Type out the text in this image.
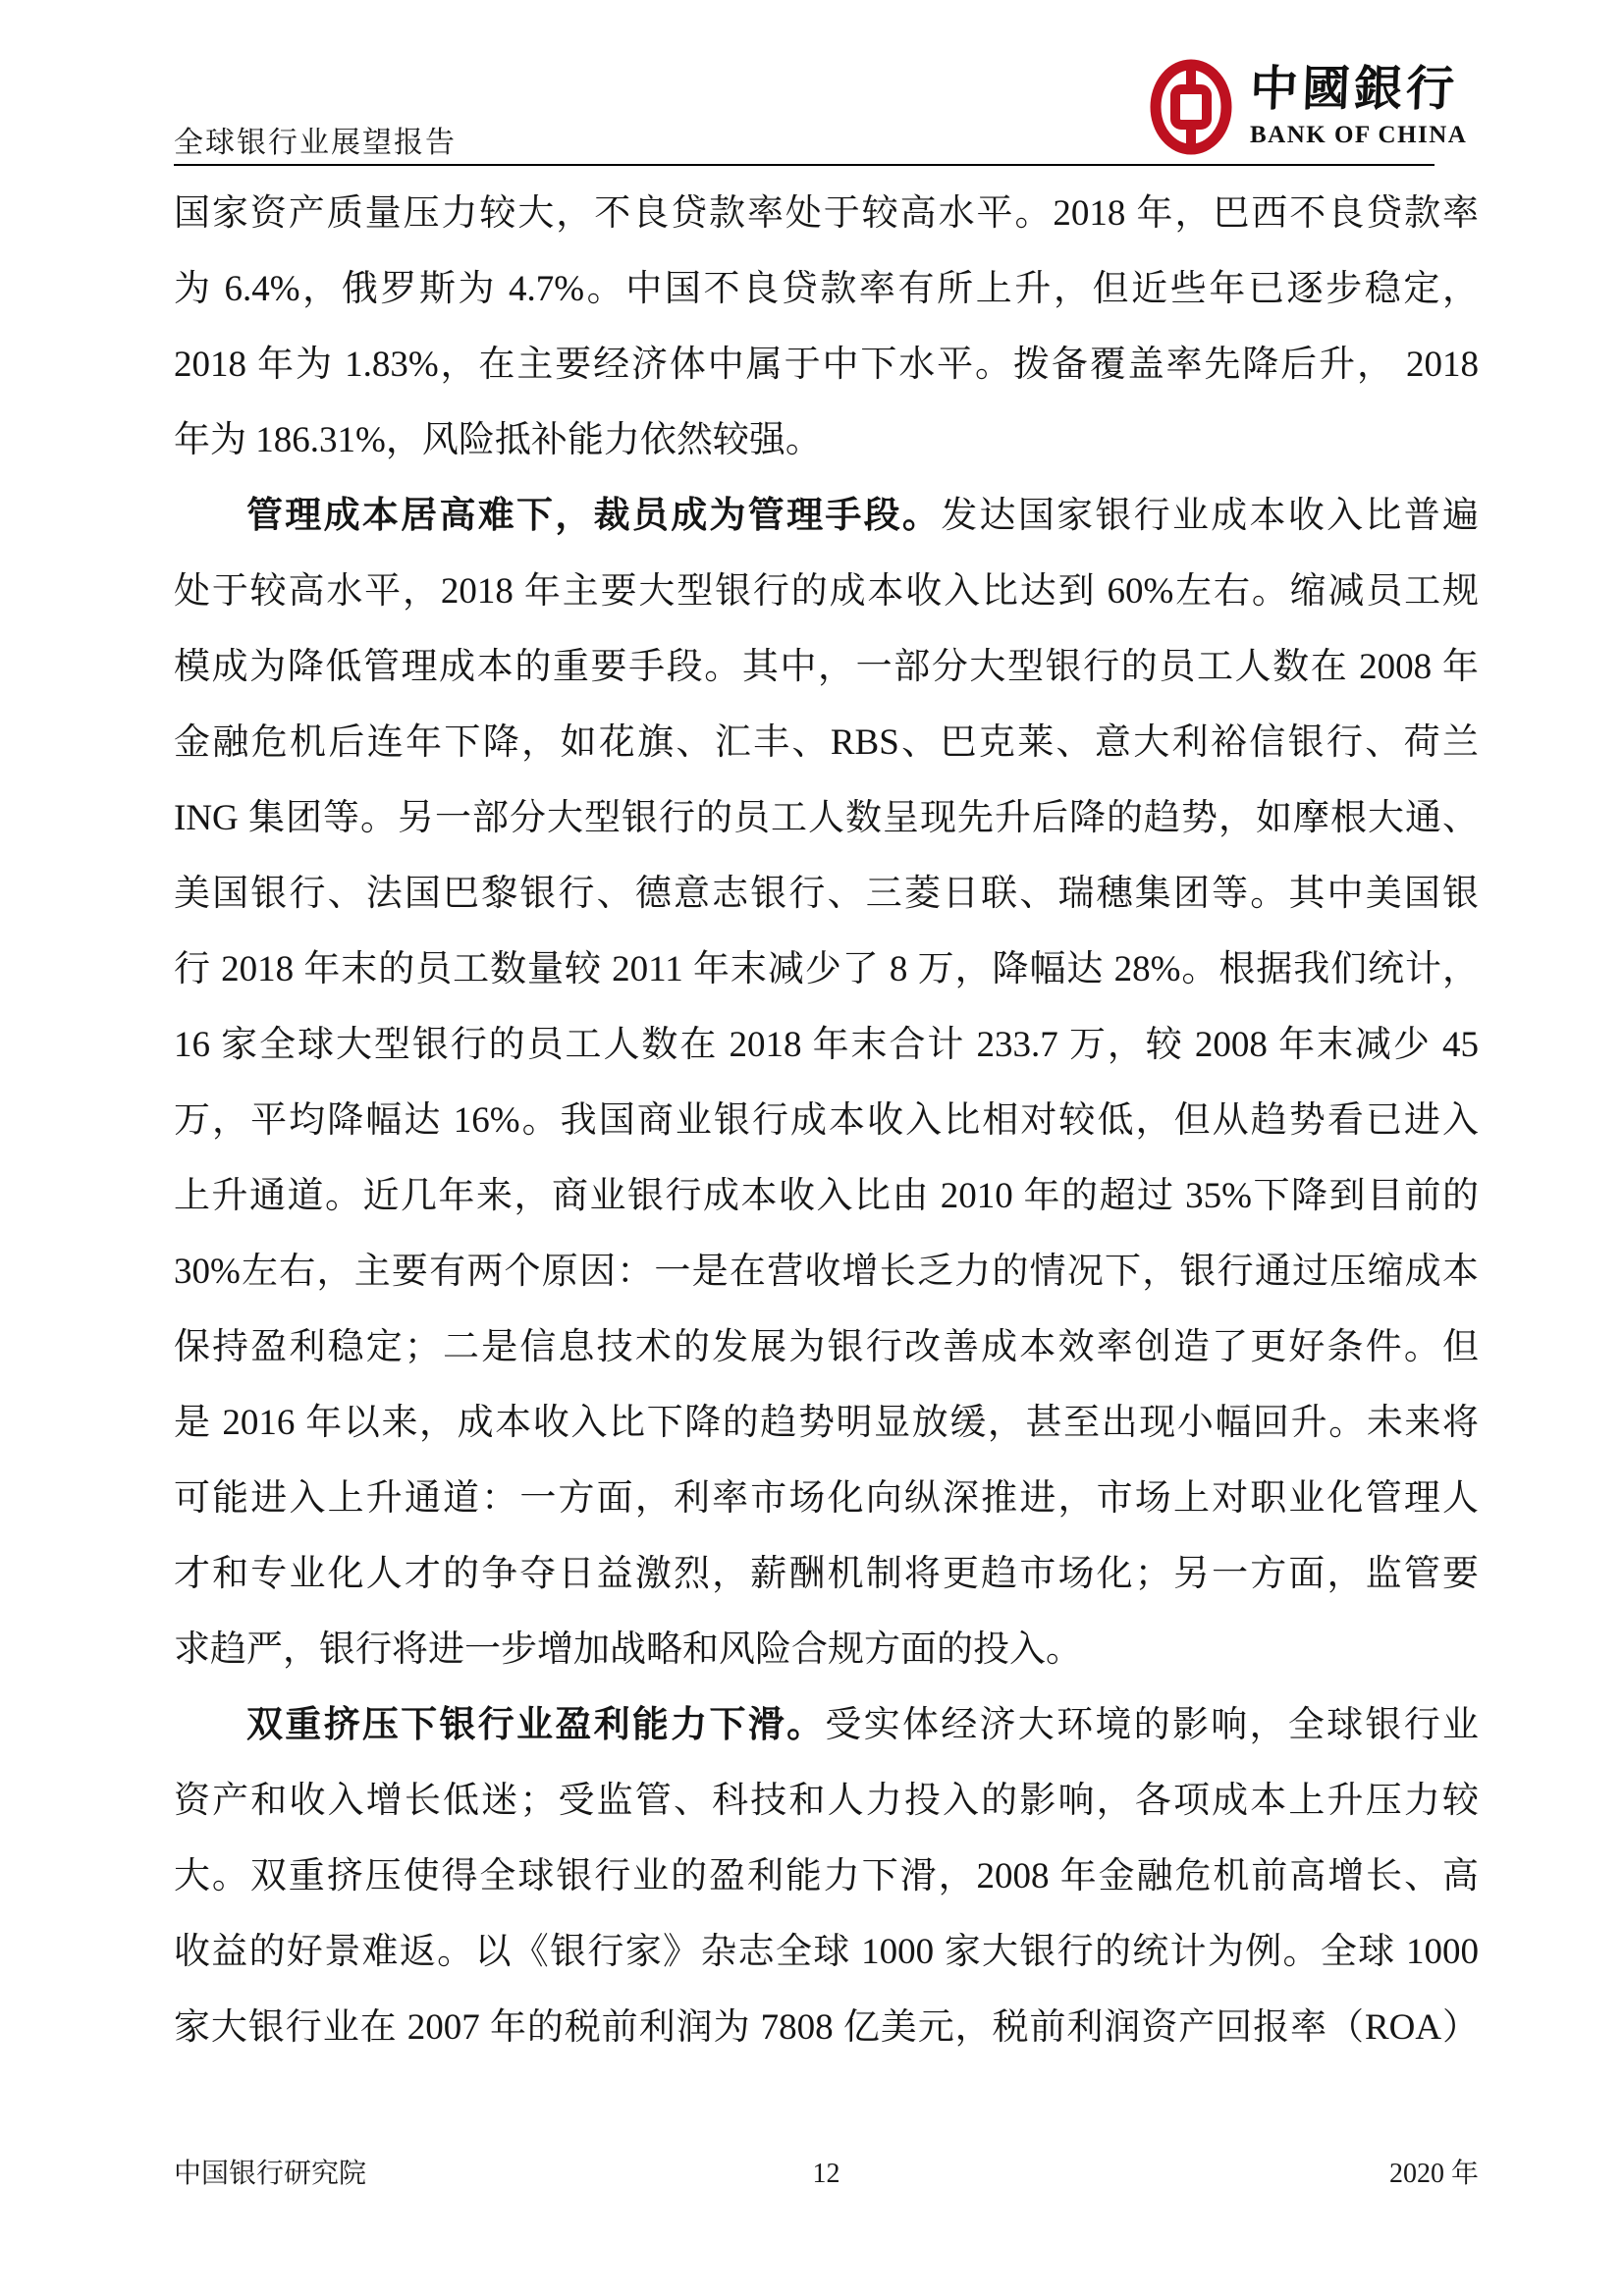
全球银行业展望报告
中國銀行
BANK OF CHINA
国家资产质量压力较大，不良贷款率处于较高水平。2018 年，巴西不良贷款率
为 6.4%，俄罗斯为 4.7%。中国不良贷款率有所上升，但近些年已逐步稳定，
2018 年为 1.83%，在主要经济体中属于中下水平。拨备覆盖率先降后升， 2018
年为 186.31%，风险抵补能力依然较强。
管理成本居高难下，裁员成为管理手段。发达国家银行业成本收入比普遍
处于较高水平，2018 年主要大型银行的成本收入比达到 60%左右。缩减员工规
模成为降低管理成本的重要手段。其中，一部分大型银行的员工人数在 2008 年
金融危机后连年下降，如花旗、汇丰、RBS、巴克莱、意大利裕信银行、荷兰
ING 集团等。另一部分大型银行的员工人数呈现先升后降的趋势，如摩根大通、
美国银行、法国巴黎银行、德意志银行、三菱日联、瑞穗集团等。其中美国银
行 2018 年末的员工数量较 2011 年末减少了 8 万，降幅达 28%。根据我们统计，
16 家全球大型银行的员工人数在 2018 年末合计 233.7 万，较 2008 年末减少 45
万，平均降幅达 16%。我国商业银行成本收入比相对较低，但从趋势看已进入
上升通道。近几年来，商业银行成本收入比由 2010 年的超过 35%下降到目前的
30%左右，主要有两个原因：一是在营收增长乏力的情况下，银行通过压缩成本
保持盈利稳定；二是信息技术的发展为银行改善成本效率创造了更好条件。但
是 2016 年以来，成本收入比下降的趋势明显放缓，甚至出现小幅回升。未来将
可能进入上升通道：一方面，利率市场化向纵深推进，市场上对职业化管理人
才和专业化人才的争夺日益激烈，薪酬机制将更趋市场化；另一方面，监管要
求趋严，银行将进一步增加战略和风险合规方面的投入。
双重挤压下银行业盈利能力下滑。受实体经济大环境的影响，全球银行业
资产和收入增长低迷；受监管、科技和人力投入的影响，各项成本上升压力较
大。双重挤压使得全球银行业的盈利能力下滑，2008 年金融危机前高增长、高
收益的好景难返。以《银行家》杂志全球 1000 家大银行的统计为例。全球 1000
家大银行业在 2007 年的税前利润为 7808 亿美元，税前利润资产回报率（ROA）
中国银行研究院	12	2020 年
